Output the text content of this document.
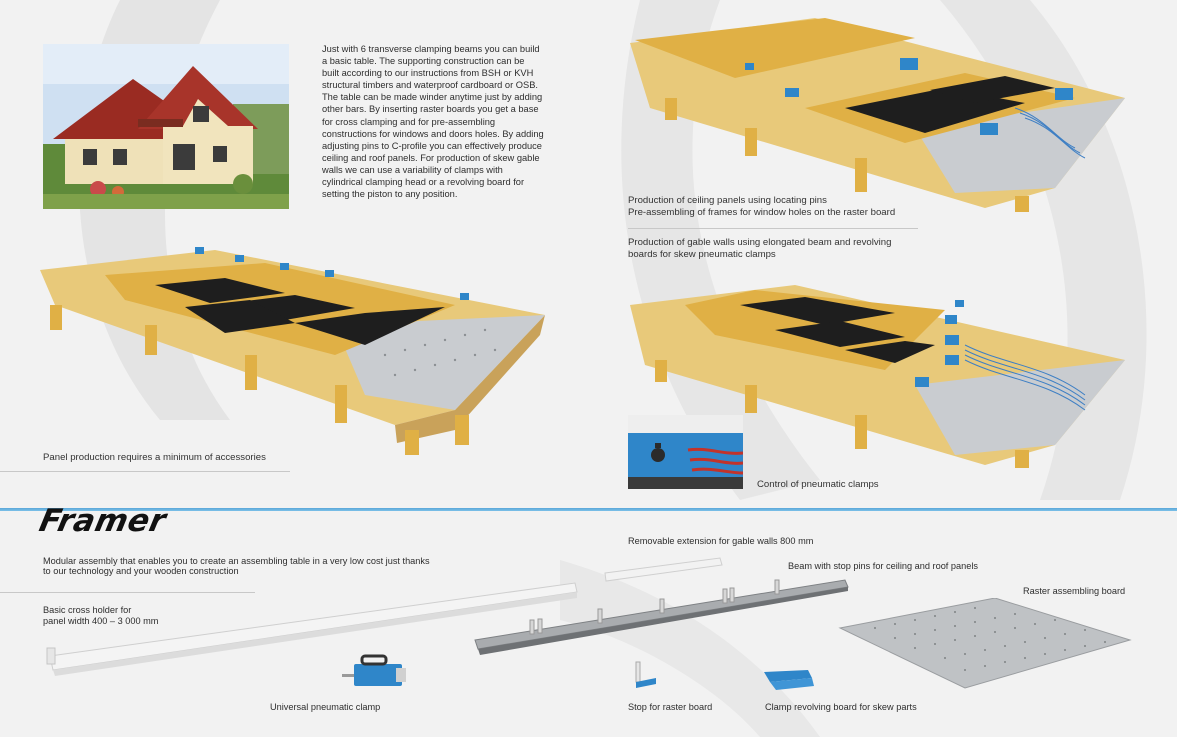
Just with 6 transverse clamping beams you can build a basic table. The supporting construction can be built according to our instructions from BSH or KVH structural timbers and waterproof cardboard or OSB. The table can be made winder anytime just by adding other bars. By inserting raster boards you get a base for cross clamping and for pre-assembling constructions for windows and doors holes. By adding adjusting pins to C-profile you can effectively produce ceiling and roof panels. For production of skew gable walls we can use a variability of clamps with cylindrical clamping head or a revolving board for setting the piston to any position.
Panel production requires a minimum of accessories
Production of ceiling panels using locating pins
Pre-assembling of frames for window holes on the raster board
Production of gable walls using elongated beam and revolving
boards for skew pneumatic clamps
Control of pneumatic clamps
Framer
Modular assembly that enables you to create an assembling table in a very low cost just thanks
to our technology and your wooden construction
Basic cross holder for
panel width 400 – 3 000 mm
Universal pneumatic clamp
Removable extension for gable walls 800 mm
Beam with stop pins for ceiling and roof panels
Raster assembling board
Stop for raster board	Clamp revolving board for skew parts
